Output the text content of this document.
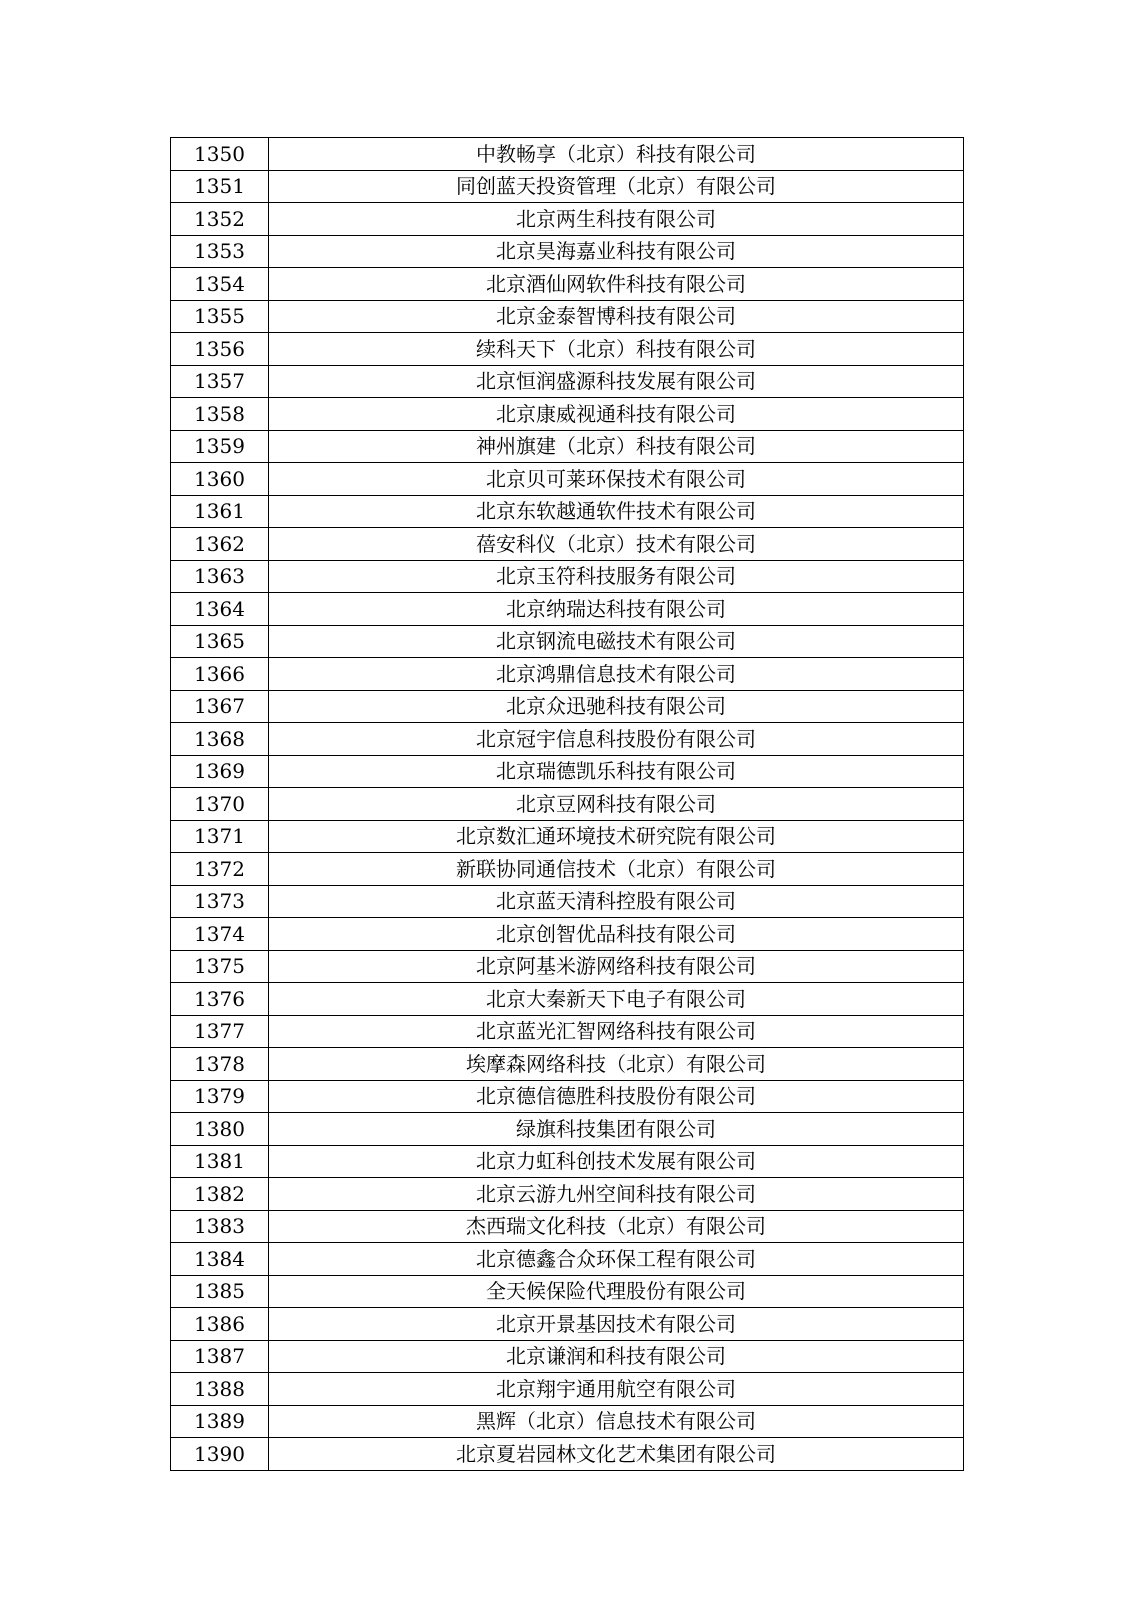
1350	中教畅享（北京）科技有限公司
1351	同创蓝天投资管理（北京）有限公司
1352	北京两生科技有限公司
1353	北京昊海嘉业科技有限公司
1354	北京酒仙网软件科技有限公司
1355	北京金泰智博科技有限公司
1356	续科天下（北京）科技有限公司
1357	北京恒润盛源科技发展有限公司
1358	北京康威视通科技有限公司
1359	神州旗建（北京）科技有限公司
1360	北京贝可莱环保技术有限公司
1361	北京东软越通软件技术有限公司
1362	蓓安科仪（北京）技术有限公司
1363	北京玉符科技服务有限公司
1364	北京纳瑞达科技有限公司
1365	北京钢流电磁技术有限公司
1366	北京鸿鼎信息技术有限公司
1367	北京众迅驰科技有限公司
1368	北京冠宇信息科技股份有限公司
1369	北京瑞德凯乐科技有限公司
1370	北京豆网科技有限公司
1371	北京数汇通环境技术研究院有限公司
1372	新联协同通信技术（北京）有限公司
1373	北京蓝天清科控股有限公司
1374	北京创智优品科技有限公司
1375	北京阿基米游网络科技有限公司
1376	北京大秦新天下电子有限公司
1377	北京蓝光汇智网络科技有限公司
1378	埃摩森网络科技（北京）有限公司
1379	北京德信德胜科技股份有限公司
1380	绿旗科技集团有限公司
1381	北京力虹科创技术发展有限公司
1382	北京云游九州空间科技有限公司
1383	杰西瑞文化科技（北京）有限公司
1384	北京德鑫合众环保工程有限公司
1385	全天候保险代理股份有限公司
1386	北京开景基因技术有限公司
1387	北京谦润和科技有限公司
1388	北京翔宇通用航空有限公司
1389	黑辉（北京）信息技术有限公司
1390	北京夏岩园林文化艺术集团有限公司
